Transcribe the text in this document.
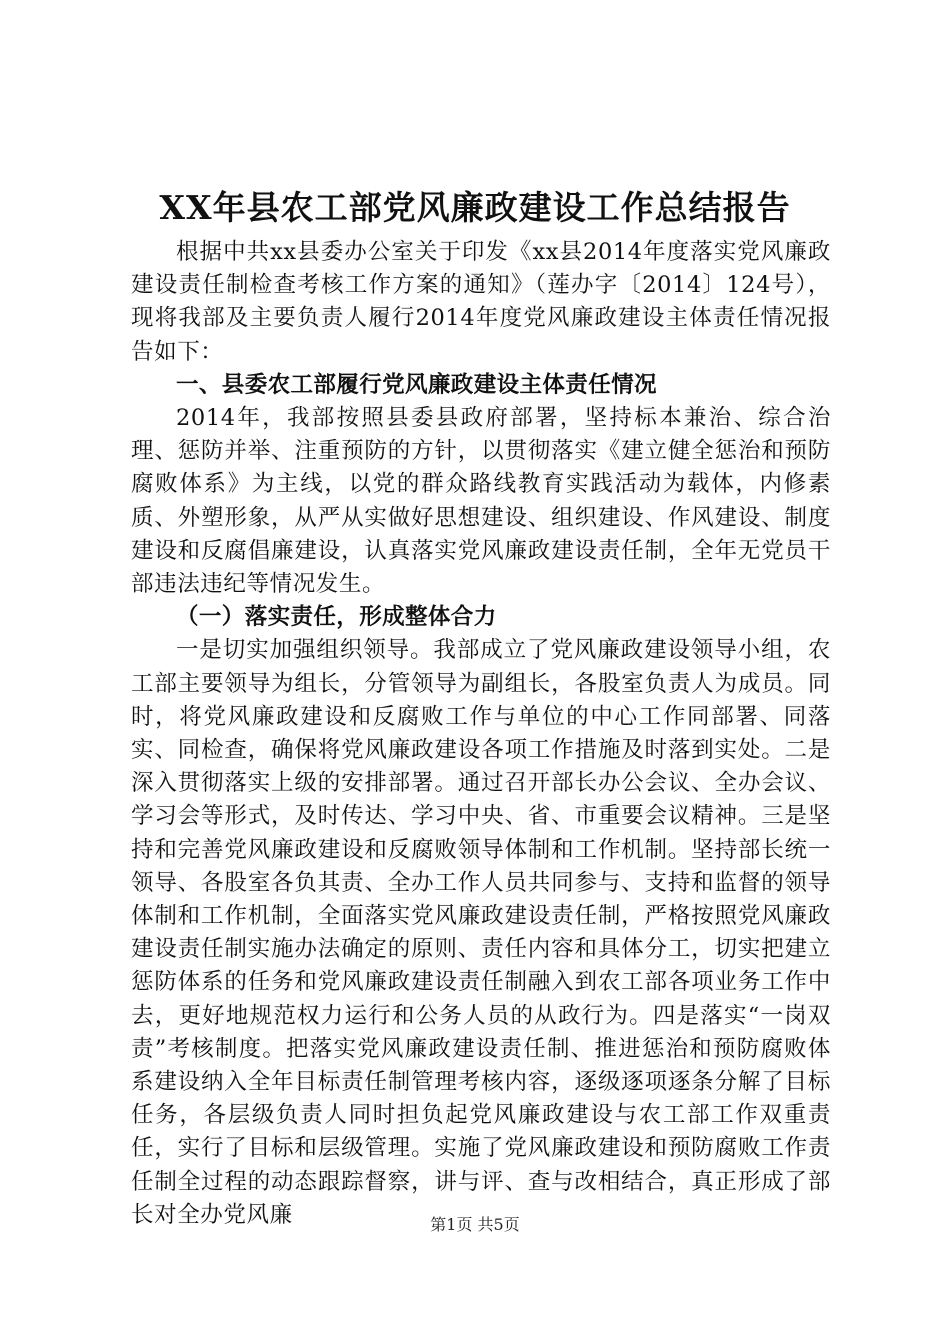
XX年县农工部党风廉政建设工作总结报告

根据中共xx县委办公室关于印发《xx县2014年度落实党风廉政建设责任制检查考核工作方案的通知》（莲办字〔2014〕124号），现将我部及主要负责人履行2014年度党风廉政建设主体责任情况报告如下：

一、县委农工部履行党风廉政建设主体责任情况

2014年，我部按照县委县政府部署，坚持标本兼治、综合治理、惩防并举、注重预防的方针，以贯彻落实《建立健全惩治和预防腐败体系》为主线，以党的群众路线教育实践活动为载体，内修素质、外塑形象，从严从实做好思想建设、组织建设、作风建设、制度建设和反腐倡廉建设，认真落实党风廉政建设责任制，全年无党员干部违法违纪等情况发生。

（一）落实责任，形成整体合力

一是切实加强组织领导。我部成立了党风廉政建设领导小组，农工部主要领导为组长，分管领导为副组长，各股室负责人为成员。同时，将党风廉政建设和反腐败工作与单位的中心工作同部署、同落实、同检查，确保将党风廉政建设各项工作措施及时落到实处。二是深入贯彻落实上级的安排部署。通过召开部长办公会议、全办会议、学习会等形式，及时传达、学习中央、省、市重要会议精神。三是坚持和完善党风廉政建设和反腐败领导体制和工作机制。坚持部长统一领导、各股室各负其责、全办工作人员共同参与、支持和监督的领导体制和工作机制，全面落实党风廉政建设责任制，严格按照党风廉政建设责任制实施办法确定的原则、责任内容和具体分工，切实把建立惩防体系的任务和党风廉政建设责任制融入到农工部各项业务工作中去，更好地规范权力运行和公务人员的从政行为。四是落实“一岗双责”考核制度。把落实党风廉政建设责任制、推进惩治和预防腐败体系建设纳入全年目标责任制管理考核内容，逐级逐项逐条分解了目标任务，各层级负责人同时担负起党风廉政建设与农工部工作双重责任，实行了目标和层级管理。实施了党风廉政建设和预防腐败工作责任制全过程的动态跟踪督察，讲与评、查与改相结合，真正形成了部长对全办党风廉	第1页 共5页
